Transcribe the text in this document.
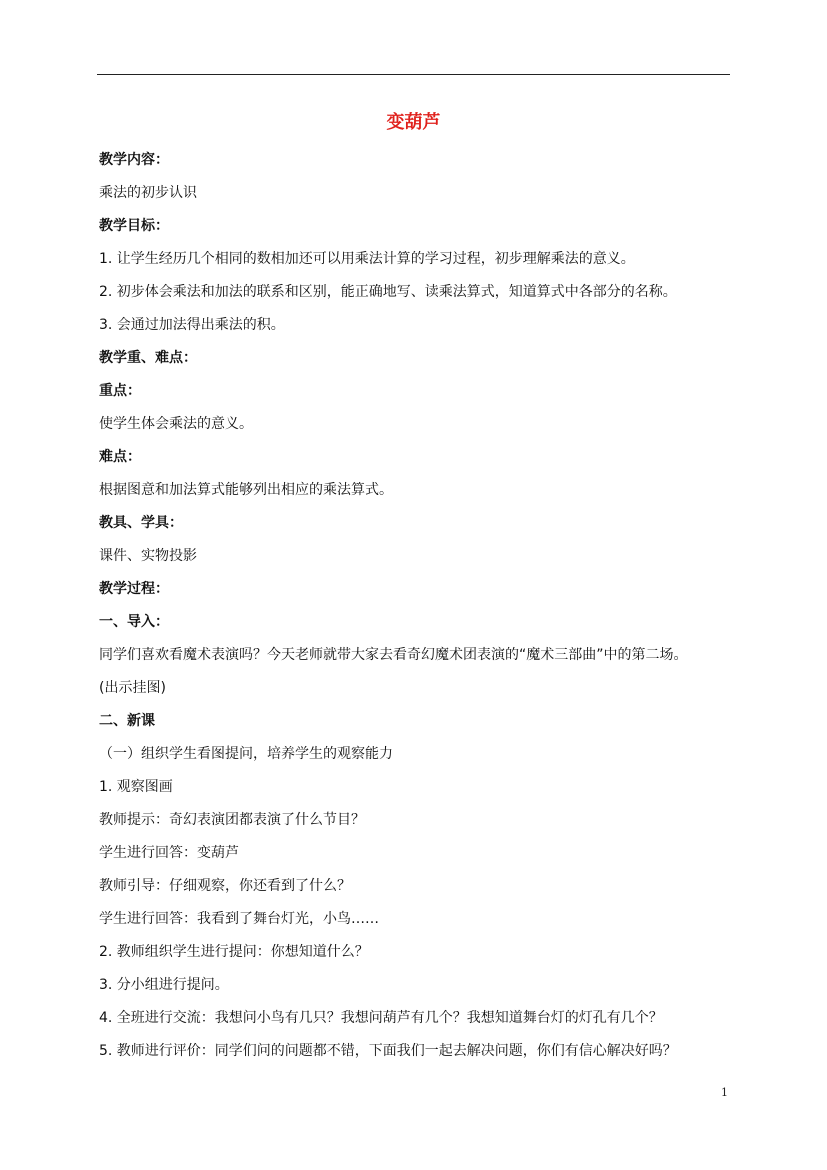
变葫芦
教学内容：
乘法的初步认识
教学目标：
1. 让学生经历几个相同的数相加还可以用乘法计算的学习过程，初步理解乘法的意义。
2. 初步体会乘法和加法的联系和区别，能正确地写、读乘法算式，知道算式中各部分的名称。
3. 会通过加法得出乘法的积。
教学重、难点：
重点：
使学生体会乘法的意义。
难点：
根据图意和加法算式能够列出相应的乘法算式。
教具、学具：
课件、实物投影
教学过程：
一、导入：
同学们喜欢看魔术表演吗？今天老师就带大家去看奇幻魔术团表演的“魔术三部曲”中的第二场。
(出示挂图)
二、新课
（一）组织学生看图提问，培养学生的观察能力
1. 观察图画
教师提示：奇幻表演团都表演了什么节目？
学生进行回答：变葫芦
教师引导：仔细观察，你还看到了什么？
学生进行回答：我看到了舞台灯光，小鸟……
2. 教师组织学生进行提问：你想知道什么？
3. 分小组进行提问。
4. 全班进行交流：我想问小鸟有几只？我想问葫芦有几个？我想知道舞台灯的灯孔有几个？
5. 教师进行评价：同学们问的问题都不错，下面我们一起去解决问题，你们有信心解决好吗？
1
